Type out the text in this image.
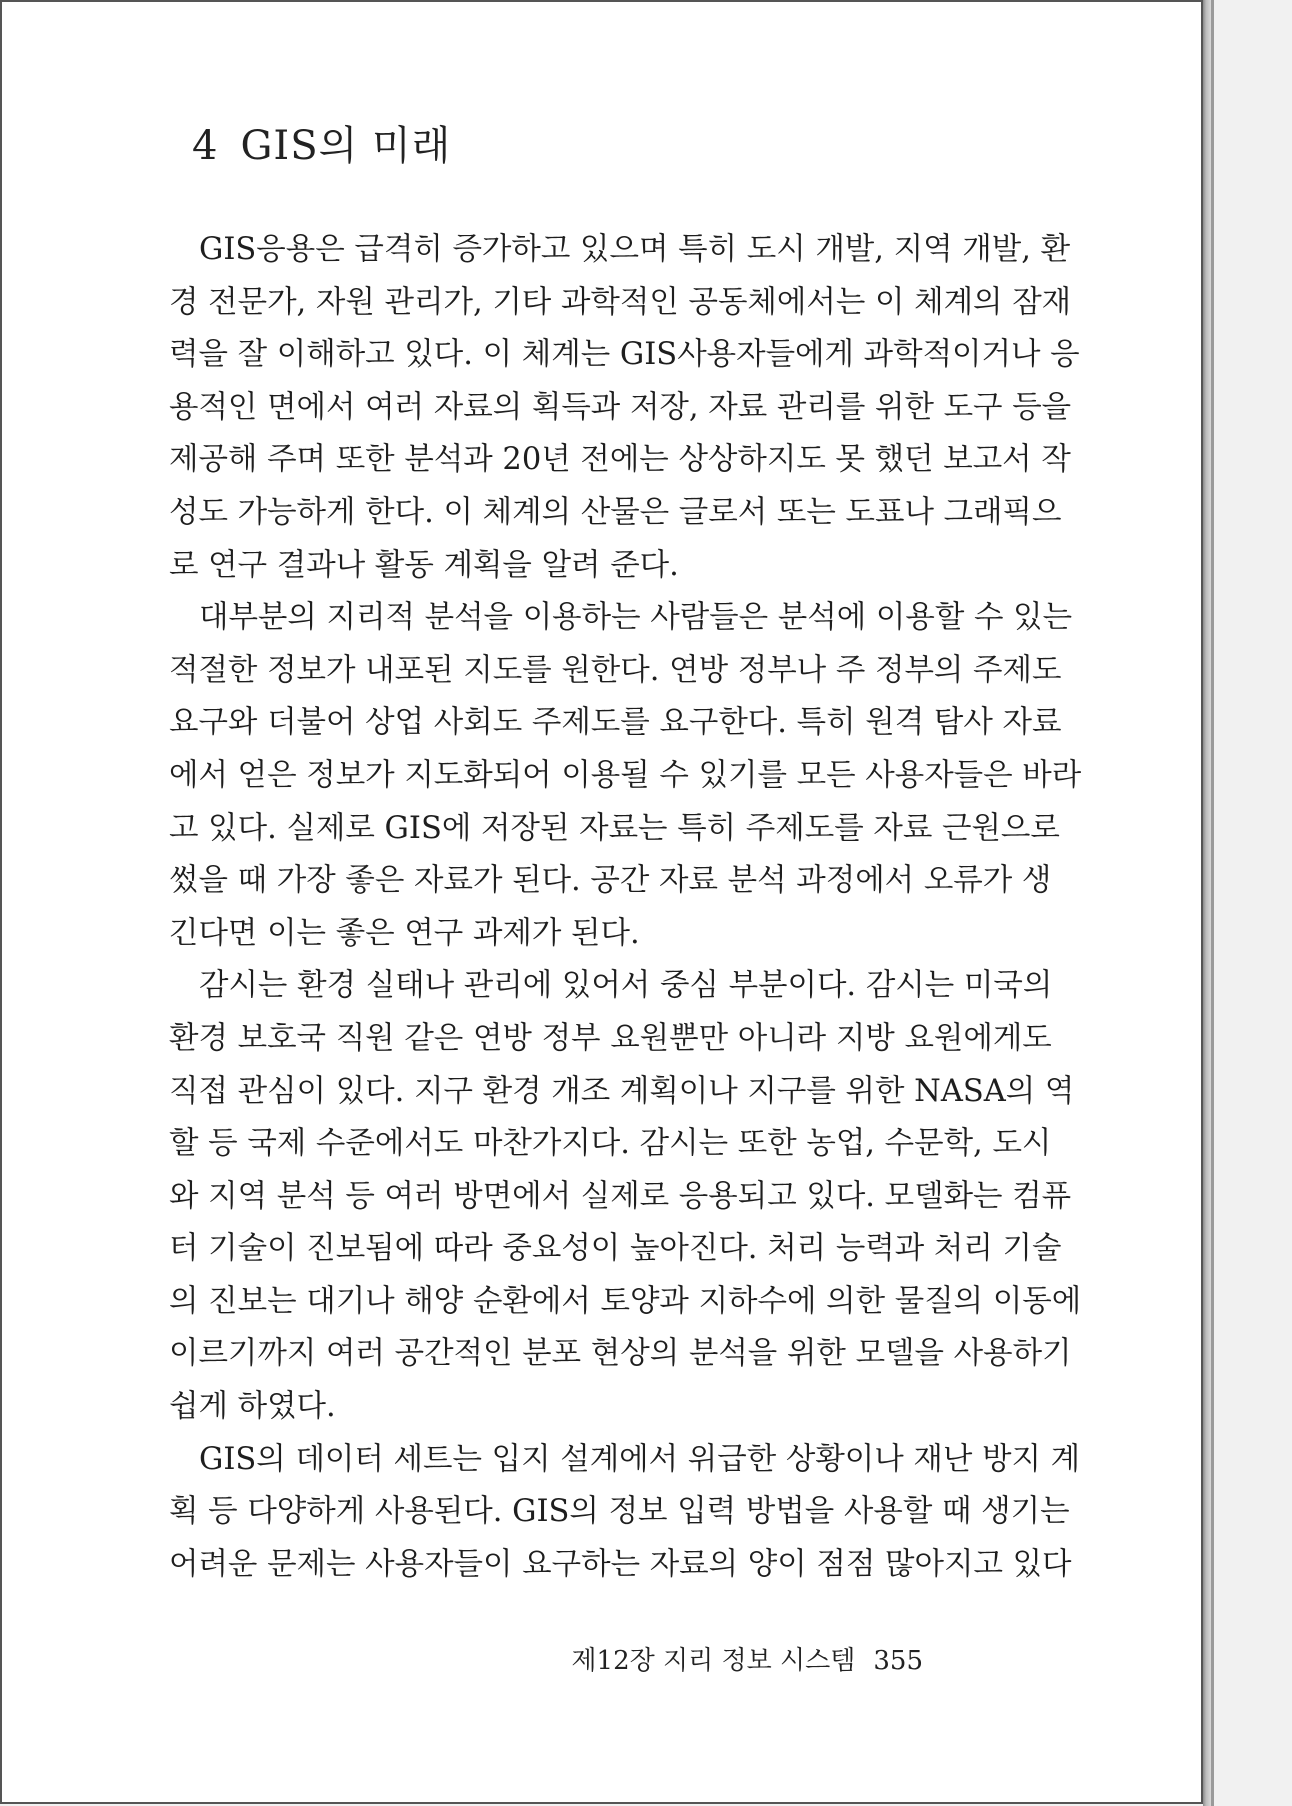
4 GIS의 미래
GIS응용은 급격히 증가하고 있으며 특히 도시 개발, 지역 개발, 환
경 전문가, 자원 관리가, 기타 과학적인 공동체에서는 이 체계의 잠재
력을 잘 이해하고 있다. 이 체계는 GIS사용자들에게 과학적이거나 응
용적인 면에서 여러 자료의 획득과 저장, 자료 관리를 위한 도구 등을
제공해 주며 또한 분석과 20년 전에는 상상하지도 못 했던 보고서 작
성도 가능하게 한다. 이 체계의 산물은 글로서 또는 도표나 그래픽으
로 연구 결과나 활동 계획을 알려 준다.
대부분의 지리적 분석을 이용하는 사람들은 분석에 이용할 수 있는
적절한 정보가 내포된 지도를 원한다. 연방 정부나 주 정부의 주제도
요구와 더불어 상업 사회도 주제도를 요구한다. 특히 원격 탐사 자료
에서 얻은 정보가 지도화되어 이용될 수 있기를 모든 사용자들은 바라
고 있다. 실제로 GIS에 저장된 자료는 특히 주제도를 자료 근원으로
썼을 때 가장 좋은 자료가 된다. 공간 자료 분석 과정에서 오류가 생
긴다면 이는 좋은 연구 과제가 된다.
감시는 환경 실태나 관리에 있어서 중심 부분이다. 감시는 미국의
환경 보호국 직원 같은 연방 정부 요원뿐만 아니라 지방 요원에게도
직접 관심이 있다. 지구 환경 개조 계획이나 지구를 위한 NASA의 역
할 등 국제 수준에서도 마찬가지다. 감시는 또한 농업, 수문학, 도시
와 지역 분석 등 여러 방면에서 실제로 응용되고 있다. 모델화는 컴퓨
터 기술이 진보됨에 따라 중요성이 높아진다. 처리 능력과 처리 기술
의 진보는 대기나 해양 순환에서 토양과 지하수에 의한 물질의 이동에
이르기까지 여러 공간적인 분포 현상의 분석을 위한 모델을 사용하기
쉽게 하였다.
GIS의 데이터 세트는 입지 설계에서 위급한 상황이나 재난 방지 계
획 등 다양하게 사용된다. GIS의 정보 입력 방법을 사용할 때 생기는
어려운 문제는 사용자들이 요구하는 자료의 양이 점점 많아지고 있다
제12장 지리 정보 시스템 355
